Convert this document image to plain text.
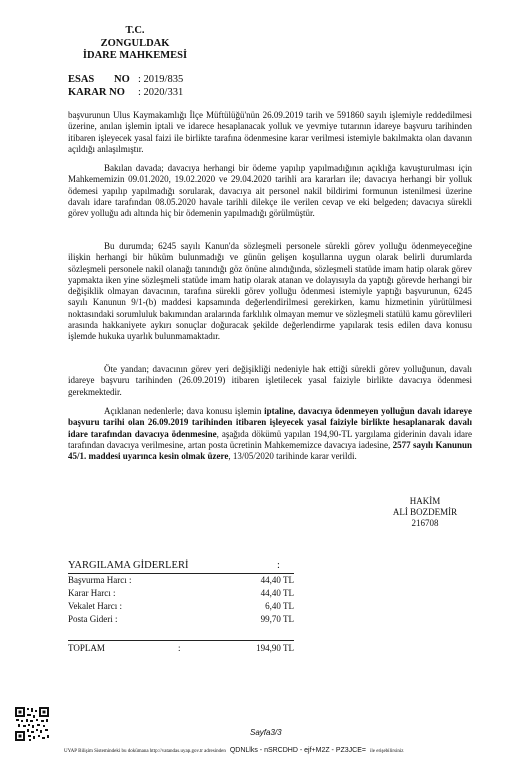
T.C.
ZONGULDAK
İDARE MAHKEMESİ
ESAS NO : 2019/835
KARAR NO : 2020/331

başvurunun Ulus Kaymakamlığı İlçe Müftülüğü'nün 26.09.2019 tarih ve 591860 sayılı işlemiyle reddedilmesi üzerine, anılan işlemin iptali ve idarece hesaplanacak yolluk ve yevmiye tutarının idareye başvuru tarihinden itibaren işleyecek yasal faizi ile birlikte tarafına ödenmesine karar verilmesi istemiyle bakılmakta olan davanın açıldığı anlaşılmıştır.

Bakılan davada; davacıya herhangi bir ödeme yapılıp yapılmadığının açıklığa kavuşturulması için Mahkememizin 09.01.2020, 19.02.2020 ve 29.04.2020 tarihli ara kararları ile; davacıya herhangi bir yolluk ödemesi yapılıp yapılmadığı sorularak, davacıya ait personel nakil bildirimi formunun istenilmesi üzerine davalı idare tarafından 08.05.2020 havale tarihli dilekçe ile verilen cevap ve eki belgeden; davacıya sürekli görev yolluğu adı altında hiç bir ödemenin yapılmadığı görülmüştür.

Bu durumda; 6245 sayılı Kanun'da sözleşmeli personele sürekli görev yolluğu ödenmeyeceğine ilişkin herhangi bir hüküm bulunmadığı ve günün gelişen koşullarına uygun olarak belirli durumlarda sözleşmeli personele nakil olanağı tanındığı göz önüne alındığında, sözleşmeli statüde imam hatip olarak görev yapmakta iken yine sözleşmeli statüde imam hatip olarak atanan ve dolayısıyla da yaptığı görevde herhangi bir değişiklik olmayan davacının, tarafına sürekli görev yolluğu ödenmesi istemiyle yaptığı başvurunun, 6245 sayılı Kanunun 9/1-(b) maddesi kapsamında değerlendirilmesi gerekirken, kamu hizmetinin yürütülmesi noktasındaki sorumluluk bakımından aralarında farklılık olmayan memur ve sözleşmeli statülü kamu görevlileri arasında hakkaniyete aykırı sonuçlar doğuracak şekilde değerlendirme yapılarak tesis edilen dava konusu işlemde hukuka uyarlık bulunmamaktadır.

Öte yandan; davacının görev yeri değişikliği nedeniyle hak ettiği sürekli görev yolluğunun, davalı idareye başvuru tarihinden (26.09.2019) itibaren işletilecek yasal faiziyle birlikte davacıya ödenmesi gerekmektedir.

Açıklanan nedenlerle; dava konusu işlemin iptaline, davacıya ödenmeyen yolluğun davalı idareye başvuru tarihi olan 26.09.2019 tarihinden itibaren işleyecek yasal faiziyle birlikte hesaplanarak davalı idare tarafından davacıya ödenmesine, aşağıda dökümü yapılan 194,90-TL yargılama giderinin davalı idare tarafından davacıya verilmesine, artan posta ücretinin Mahkememizce davacıya iadesine, 2577 sayılı Kanunun 45/1. maddesi uyarınca kesin olmak üzere, 13/05/2020 tarihinde karar verildi.

HAKİM
ALİ BOZDEMİR
216708
YARGILAMA GİDERLERİ	:
Başvurma Harcı :	44,40 TL
Karar Harcı :	44,40 TL
Vekalet Harcı :	6,40 TL
Posta Gideri :	99,70 TL
TOPLAM	:	194,90 TL
Sayfa3/3
UYAP Bilişim Sistemindeki bu dokümana http://vatandas.uyap.gov.tr adresinden QDNLlks - nSRCDHD - ejf+M2Z - PZ3JCE= ile erişebilirsiniz
